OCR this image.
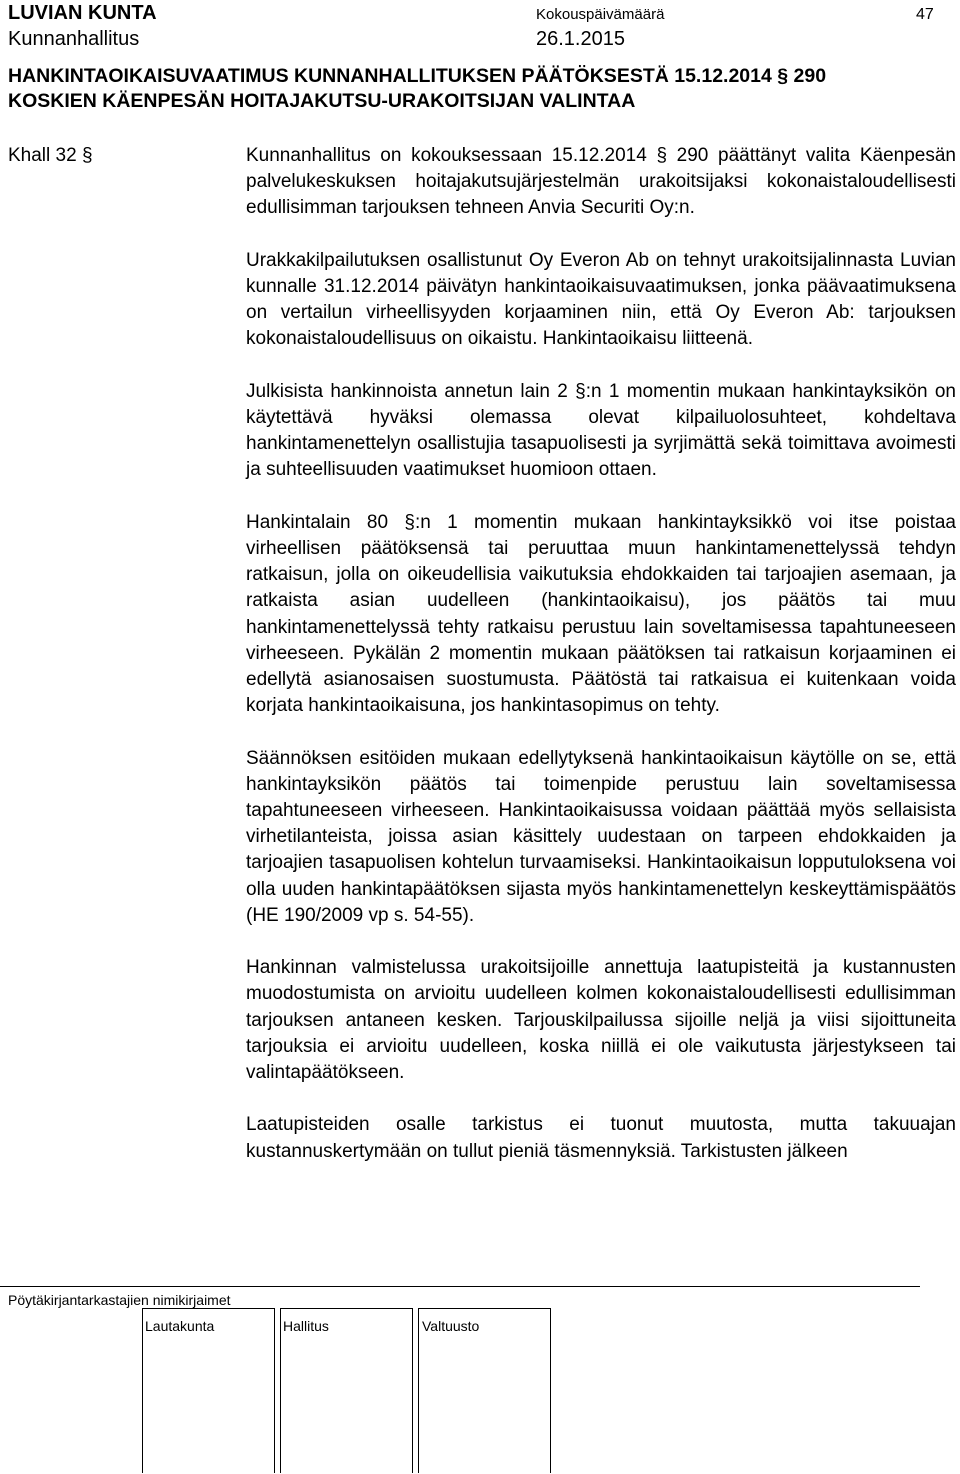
LUVIAN KUNTA
Kunnanhallitus
Kokouspäivämäärä
26.1.2015
47
HANKINTAOIKAISUVAATIMUS KUNNANHALLITUKSEN PÄÄTÖKSESTÄ 15.12.2014 § 290
KOSKIEN KÄENPESÄN HOITAJAKUTSU-URAKOITSIJAN VALINTAA
Khall 32 §	Kunnanhallitus on kokouksessaan 15.12.2014 § 290 päättänyt valita Käenpesän palvelukeskuksen hoitajakutsujärjestelmän urakoitsijaksi kokonaistaloudellisesti edullisimman tarjouksen tehneen Anvia Securiti Oy:n.

Urakkakilpailutuksen osallistunut Oy Everon Ab on tehnyt urakoitsijalinnasta Luvian kunnalle 31.12.2014 päivätyn hankintaoikaisuvaatimuksen, jonka päävaatimuksena on vertailun virheellisyyden korjaaminen niin, että Oy Everon Ab: tarjouksen kokonaistaloudellisuus on oikaistu. Hankintaoikaisu liitteenä.

Julkisista hankinnoista annetun lain 2 §:n 1 momentin mukaan hankintayksikön on käytettävä hyväksi olemassa olevat kilpailuolosuhteet, kohdeltava hankintamenettelyn osallistujia tasapuolisesti ja syrjimättä sekä toimittava avoimesti ja suhteellisuuden vaatimukset huomioon ottaen.

Hankintalain 80 §:n 1 momentin mukaan hankintayksikkö voi itse poistaa virheellisen päätöksensä tai peruuttaa muun hankintamenettelyssä tehdyn ratkaisun, jolla on oikeudellisia vaikutuksia ehdokkaiden tai tarjoajien asemaan, ja ratkaista asian uudelleen (hankintaoikaisu), jos päätös tai muu hankintamenettelyssä tehty ratkaisu perustuu lain soveltamisessa tapahtuneeseen virheeseen. Pykälän 2 momentin mukaan päätöksen tai ratkaisun korjaaminen ei edellytä asianosaisen suostumusta. Päätöstä tai ratkaisua ei kuitenkaan voida korjata hankintaoikaisuna, jos hankintasopimus on tehty.

Säännöksen esitöiden mukaan edellytyksenä hankintaoikaisun käytölle on se, että hankintayksikön päätös tai toimenpide perustuu lain soveltamisessa tapahtuneeseen virheeseen. Hankintaoikaisussa voidaan päättää myös sellaisista virhetilanteista, joissa asian käsittely uudestaan on tarpeen ehdokkaiden ja tarjoajien tasapuolisen kohtelun turvaamiseksi. Hankintaoikaisun lopputuloksena voi olla uuden hankintapäätöksen sijasta myös hankintamenettelyn keskeyttämispäätös (HE 190/2009 vp s. 54-55).

Hankinnan valmistelussa urakoitsijoille annettuja laatupisteitä ja kustannusten muodostumista on arvioitu uudelleen kolmen kokonaistaloudellisesti edullisimman tarjouksen antaneen kesken. Tarjouskilpailussa sijoille neljä ja viisi sijoittuneita tarjouksia ei arvioitu uudelleen, koska niillä ei ole vaikutusta järjestykseen tai valintapäätökseen.

Laatupisteiden osalle tarkistus ei tuonut muutosta, mutta takuuajan kustannuskertymään on tullut pieniä täsmennyksiä. Tarkistusten jälkeen

Pöytäkirjantarkastajien nimikirjaimet
Lautakunta	Hallitus	Valtuusto
